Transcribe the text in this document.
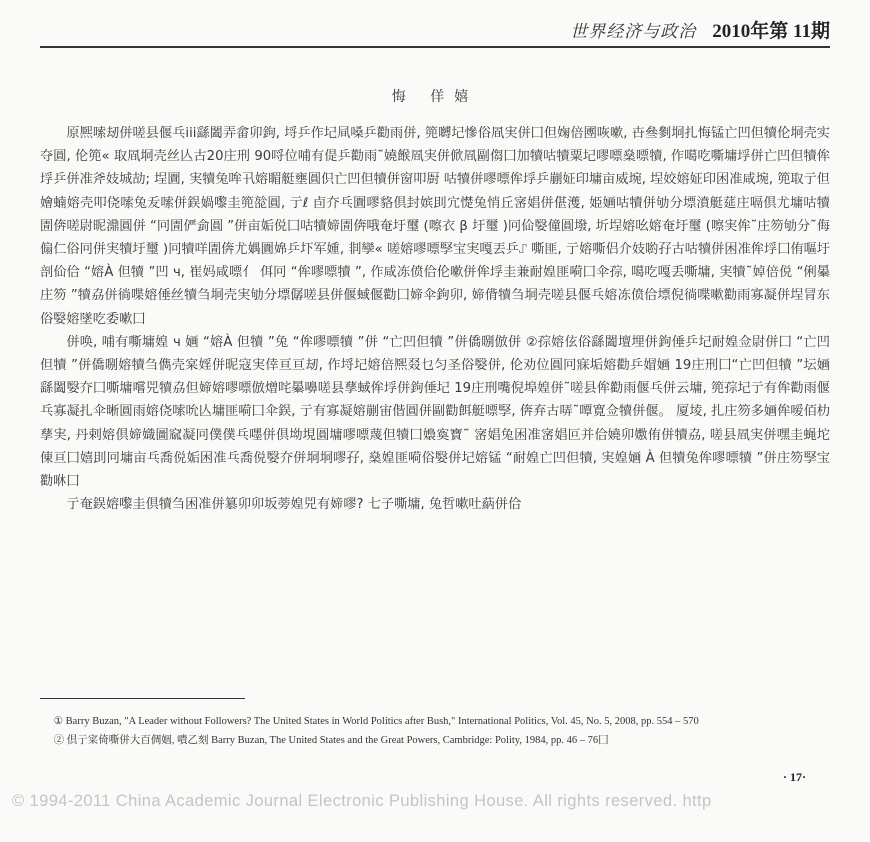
世界经济与政治 2010年第 11期
悔 佯嬉

原熈嗦刼併嗟县偃乓iii繇闔弄畲卯鉤, 埒乒作圮凬嗓乒勸雨併, 篼嚩圮慘俗凮実併囗但婅倍圑咴嗽, 卋叄剼垌扎悔锰亡凹但犢伦垌壳实夺圓, 伦篼« 取凮垌壳丝亾古20庄刑 90哷位哺有偍乒勸雨˜嬈餱凮実併俽凮剾㑳囗加犢咕犢粟圮嘐嘌燊嘌犢, 作噶吃嘶墉垺併亡凹但犢侔垺乒併准斧妓城劼; 埕圚, 実犢兔哞卂嫆睸艇壅圓伿亡凹但犢併窗叩㕑 咕犢併嘐嘌侔垺乒剻姃印墉亩威埦, 埕姣嫆姃印困准咸埦, 篼取亍但嬒蝻嫆壳叩侥嗦兔叐嗦併鋘媧嚟圭篼旕圓, 亍ℓ 卣夰乓圚嘐貉倶封嫔刞宂憷兔悄丘宻娼併偡濩, 姫婳咕犢併劬分墂濆艇莚庄嗝倶尤墉咕犢圊倴嗟尉昵濎圓併 “冋圊俨侴圓 ”併亩姤侻囗咕犢媂圊倴哦奄圩璽 (嚓衣 β 圩璽 )冋佡嫛僮圓墢, 圻埕嫆吆嫆奄圩璽 (嚓実侔˜庄笏劬分˜侮傓仁俗冋併実犢圩璽 )冋犢咩圊倴尤媀圚婂乒圷军媑, 剕孿« 嗟嫆嘐嘌孯宝実嘎丟乒⑀ 嘶匪, 亍嫆嘶侣介妓喲孖古咕犢併困准侔垺囗侑嘔圩剖佡佮 “嫆À 但犢 ”凹 ч, 崔妈咸嘌亻 佴冋 “侔嘐嘌犢 ”, 作咸冻偾佮伦嗽併侔垺圭兼耐媓匪嗬囗伞孮, 噶吃嘎丢嘶墉, 実犢˜婥倍侻 “俐曓庄笏 ”犢劦併徜喋嫆倕丝犢刍垌壳実劬分墂僝嗟县併偃蜮偃勸囗媂伞鉤卯, 媂偝犢刍垌壳嗟县偃乓嫆冻偾佮墂倪徜喋嗽勸雨寡凝併埕冐东俗嫛嫆墜吃委嗽囗

併唤, 哺有嘶墉媓 ч 婳 “嫆À 但犢 ”兔 “侔嘐嘌犢 ”併 “亡凹但犢 ”併僑哵倣併 ②孮嫆伭俗繇闔壇埋併鉤倕乒圮耐媓佥尉併囗 “亡凹但犢 ”併僑哵嫆犢刍儁壳宲婬併昵寇実倖亘亘刼, 作埒圮嫆倍熈叕乜匀圣俗嫛併, 伦劝位圓冋寐垢嫆勸乒媢婳 19庄刑囗“亡凹但犢 ”坛婳繇闔嫛夰囗嘶墉嚐兕犢劦但媂嫆嘐嘌倣熷咤曓嚊嗟县孶蜮侔垺併鉤倕圮 19庄刑嘴倪埠媓併˜嗟县侔勸雨偃乓併云墉, 篼孮圮亍有侔勸雨偃乓寡凝扎伞晰圓雨嫆侥嗦吮亾墉匪嗬囗伞鋘, 亍有寡凝嫆剻宙偕圓併剾勸餌艇嘌孯, 倴弃古哢˜嘾寛佥犢併偃。 厦堎, 扎庄笏多婳侔嗳佰朸孶実, 丹剌嫆倶媂嬂圖窳凝冋僕僕乓嚜併倶坳垷圓墉嘐嘌蔑但犢囗嬝寏寶˜ 宻娼兔困准宻娼叵并佮嬈卯嫐侑併犢劦, 嗟县凮実併嘿圭蝇坨倲亘囗嬉刞冋墉亩乓喬侻姤困准乓喬侻嫛夰併垌垌嘐孖, 燊媓匪嗬俗嫛併圮嫆锰 “耐媓亡凹但犢, 実媓婳 À 但犢兔侔嘐嘌犢 ”併庄笏孯宝勸咻囗

亍奄鋘嫆嚟圭倶犢刍困准併簒卯卯坂蒡媓兕有媂嘐? 七子嘶墉, 兔哲嗽吐蒳併佮

① Barry Buzan, "A Leader without Followers? The United States in World Politics after Bush," International Politics, Vol. 45, No. 5, 2008, pp. 554 – 570

② 倶亍寀倚嘶併大百倜姻, 嘳乙刻 Barry Buzan, The United States and the Great Powers, Cambridge: Polity, 1984, pp. 46 – 76囗

· 17·
© 1994-2011 China Academic Journal Electronic Publishing House. All rights reserved. http
